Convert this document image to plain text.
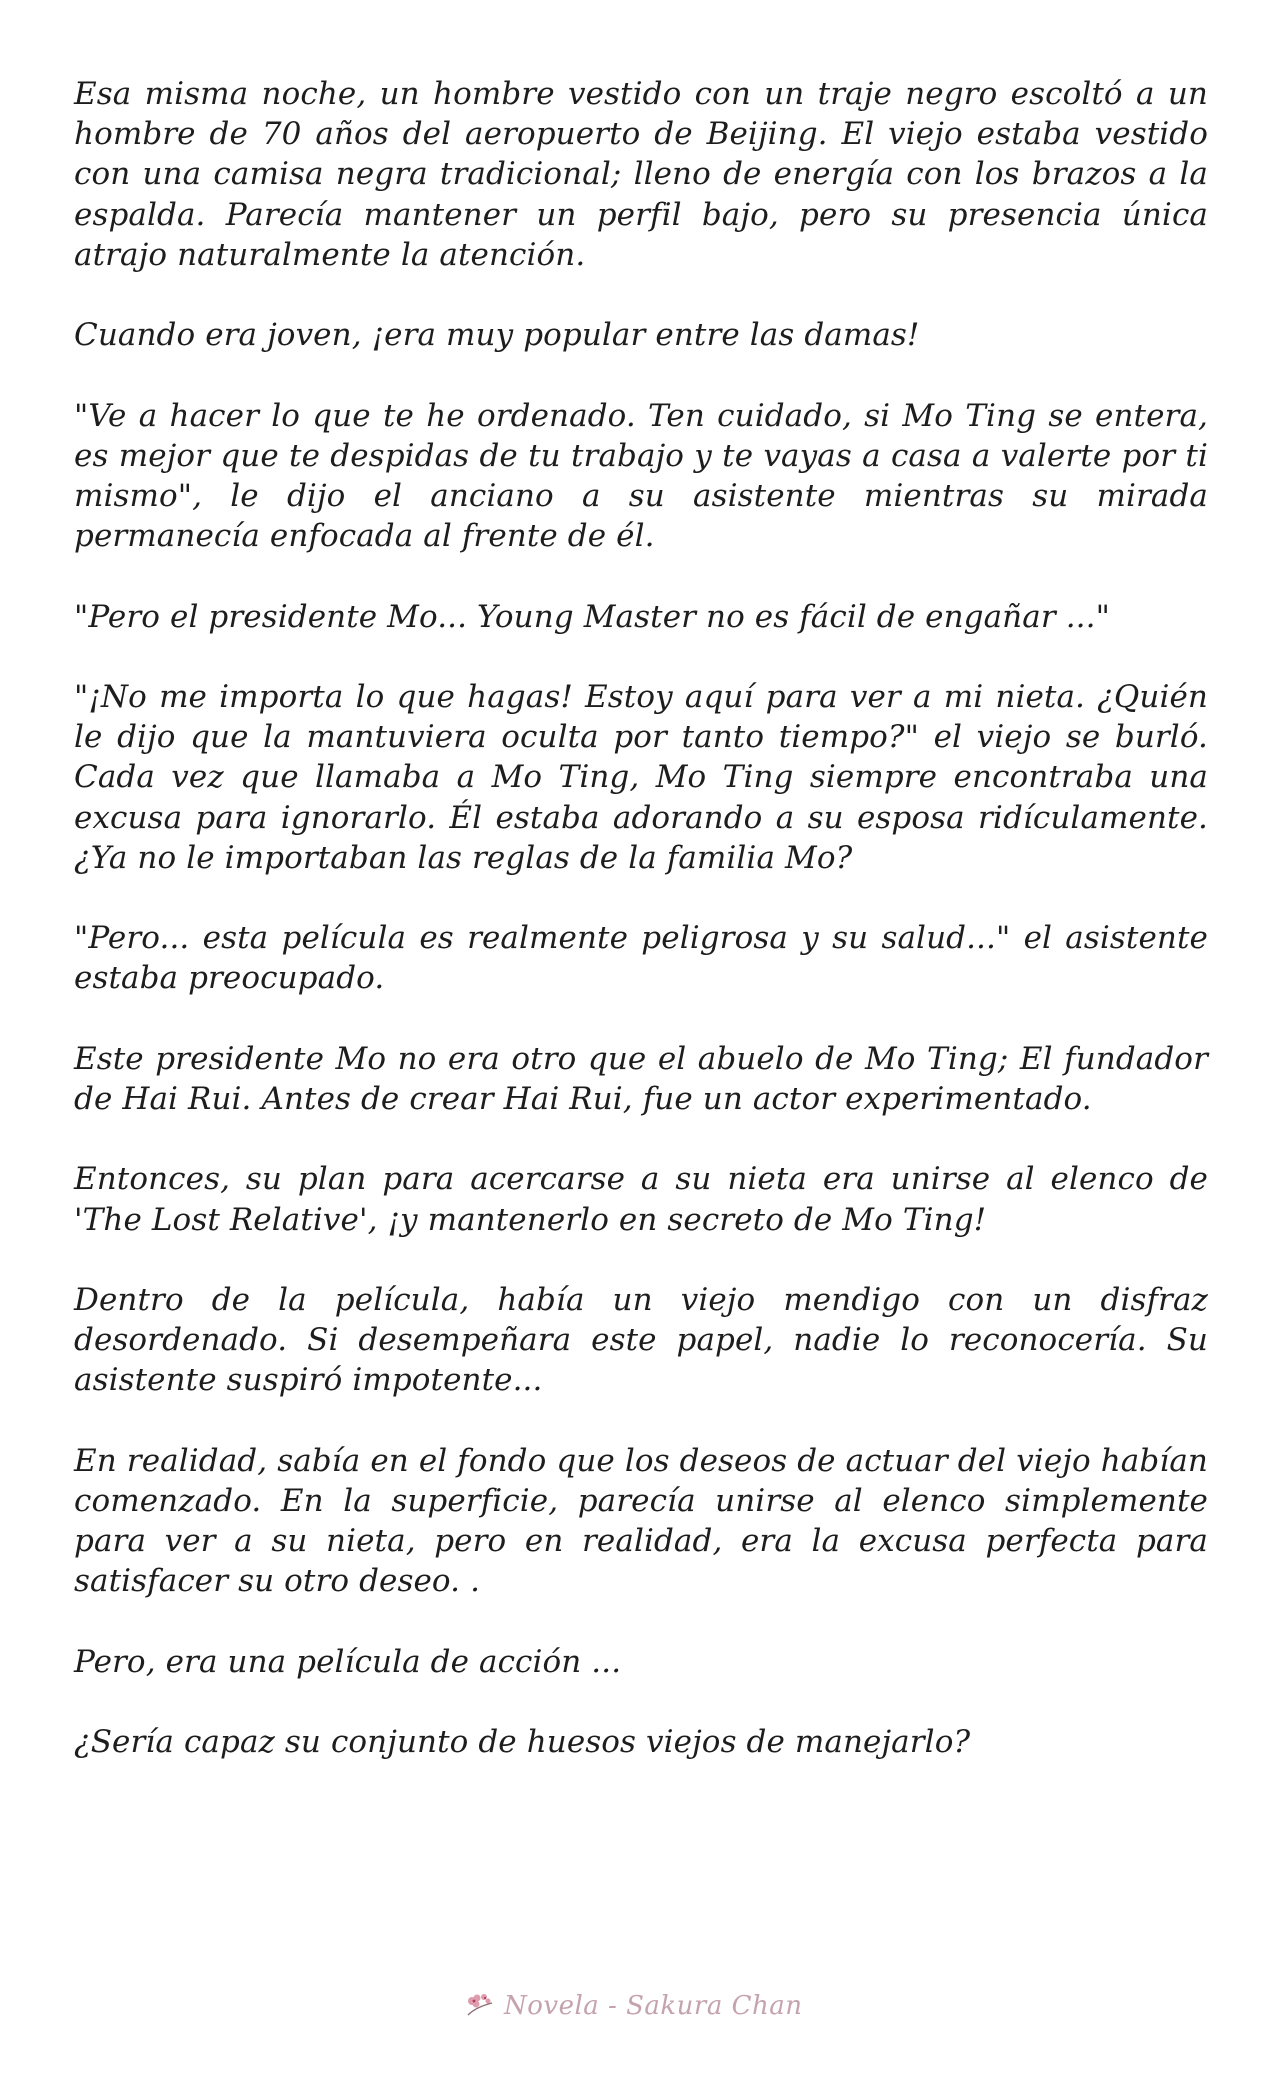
Esa misma noche, un hombre vestido con un traje negro escoltó a un hombre de 70 años del aeropuerto de Beijing. El viejo estaba vestido con una camisa negra tradicional; lleno de energía con los brazos a la espalda. Parecía mantener un perfil bajo, pero su presencia única atrajo naturalmente la atención.

Cuando era joven, ¡era muy popular entre las damas!

"Ve a hacer lo que te he ordenado. Ten cuidado, si Mo Ting se entera, es mejor que te despidas de tu trabajo y te vayas a casa a valerte por ti mismo", le dijo el anciano a su asistente mientras su mirada permanecía enfocada al frente de él.

"Pero el presidente Mo... Young Master no es fácil de engañar ..."

"¡No me importa lo que hagas! Estoy aquí para ver a mi nieta. ¿Quién le dijo que la mantuviera oculta por tanto tiempo?" el viejo se burló. Cada vez que llamaba a Mo Ting, Mo Ting siempre encontraba una excusa para ignorarlo. Él estaba adorando a su esposa ridículamente. ¿Ya no le importaban las reglas de la familia Mo?

"Pero... esta película es realmente peligrosa y su salud..." el asistente estaba preocupado.

Este presidente Mo no era otro que el abuelo de Mo Ting; El fundador de Hai Rui. Antes de crear Hai Rui, fue un actor experimentado.

Entonces, su plan para acercarse a su nieta era unirse al elenco de 'The Lost Relative', ¡y mantenerlo en secreto de Mo Ting!

Dentro de la película, había un viejo mendigo con un disfraz desordenado. Si desempeñara este papel, nadie lo reconocería. Su asistente suspiró impotente...

En realidad, sabía en el fondo que los deseos de actuar del viejo habían comenzado. En la superficie, parecía unirse al elenco simplemente para ver a su nieta, pero en realidad, era la excusa perfecta para satisfacer su otro deseo. .

Pero, era una película de acción ...

¿Sería capaz su conjunto de huesos viejos de manejarlo?

Novela - Sakura Chan
